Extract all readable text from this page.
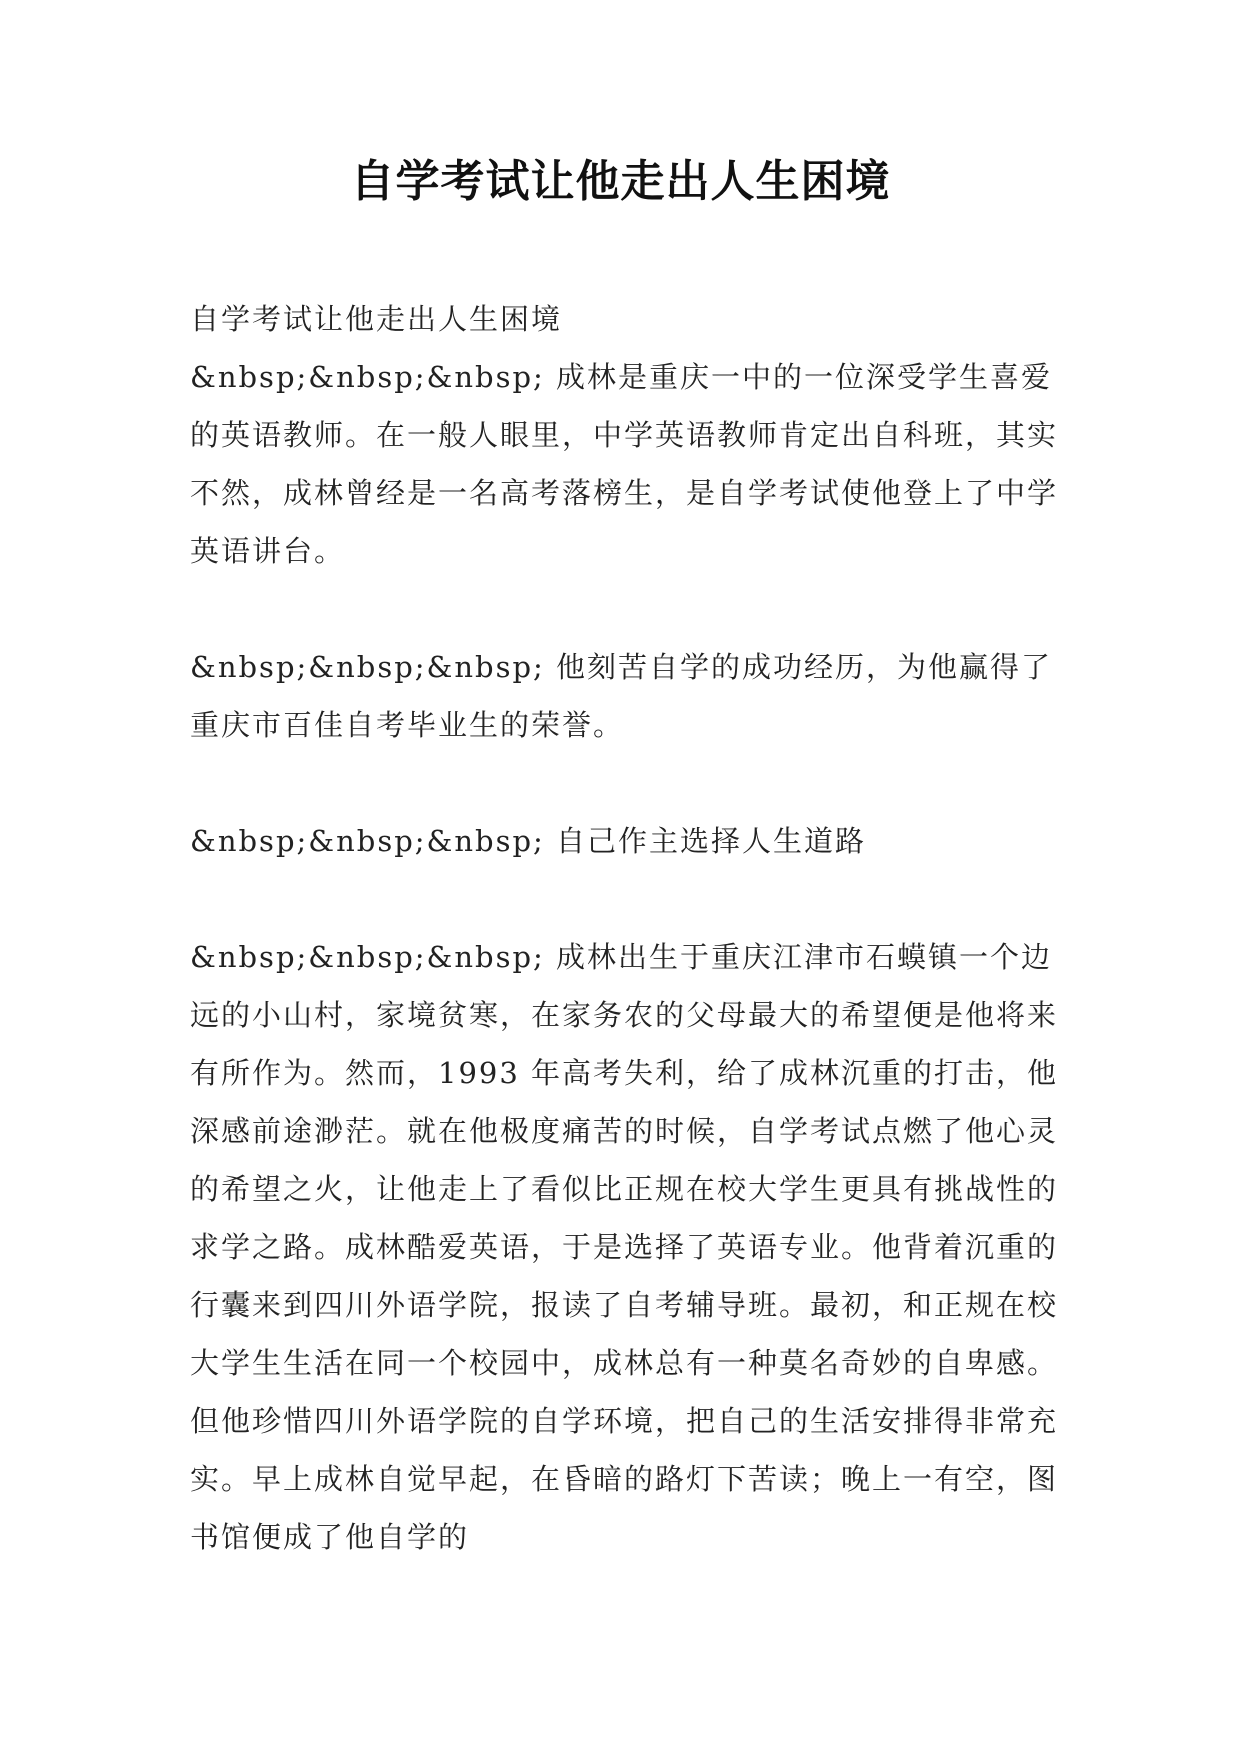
自学考试让他走出人生困境

自学考试让他走出人生困境

&nbsp;&nbsp;&nbsp; 成林是重庆一中的一位深受学生喜爱的英语教师。在一般人眼里，中学英语教师肯定出自科班，其实不然，成林曾经是一名高考落榜生，是自学考试使他登上了中学英语讲台。

&nbsp;&nbsp;&nbsp; 他刻苦自学的成功经历，为他赢得了重庆市百佳自考毕业生的荣誉。

&nbsp;&nbsp;&nbsp; 自己作主选择人生道路

&nbsp;&nbsp;&nbsp; 成林出生于重庆江津市石蟆镇一个边远的小山村，家境贫寒，在家务农的父母最大的希望便是他将来有所作为。然而，1993 年高考失利，给了成林沉重的打击，他深感前途渺茫。就在他极度痛苦的时候，自学考试点燃了他心灵的希望之火，让他走上了看似比正规在校大学生更具有挑战性的求学之路。成林酷爱英语，于是选择了英语专业。他背着沉重的行囊来到四川外语学院，报读了自考辅导班。最初，和正规在校大学生生活在同一个校园中，成林总有一种莫名奇妙的自卑感。但他珍惜四川外语学院的自学环境，把自己的生活安排得非常充实。早上成林自觉早起，在昏暗的路灯下苦读；晚上一有空，图书馆便成了他自学的
